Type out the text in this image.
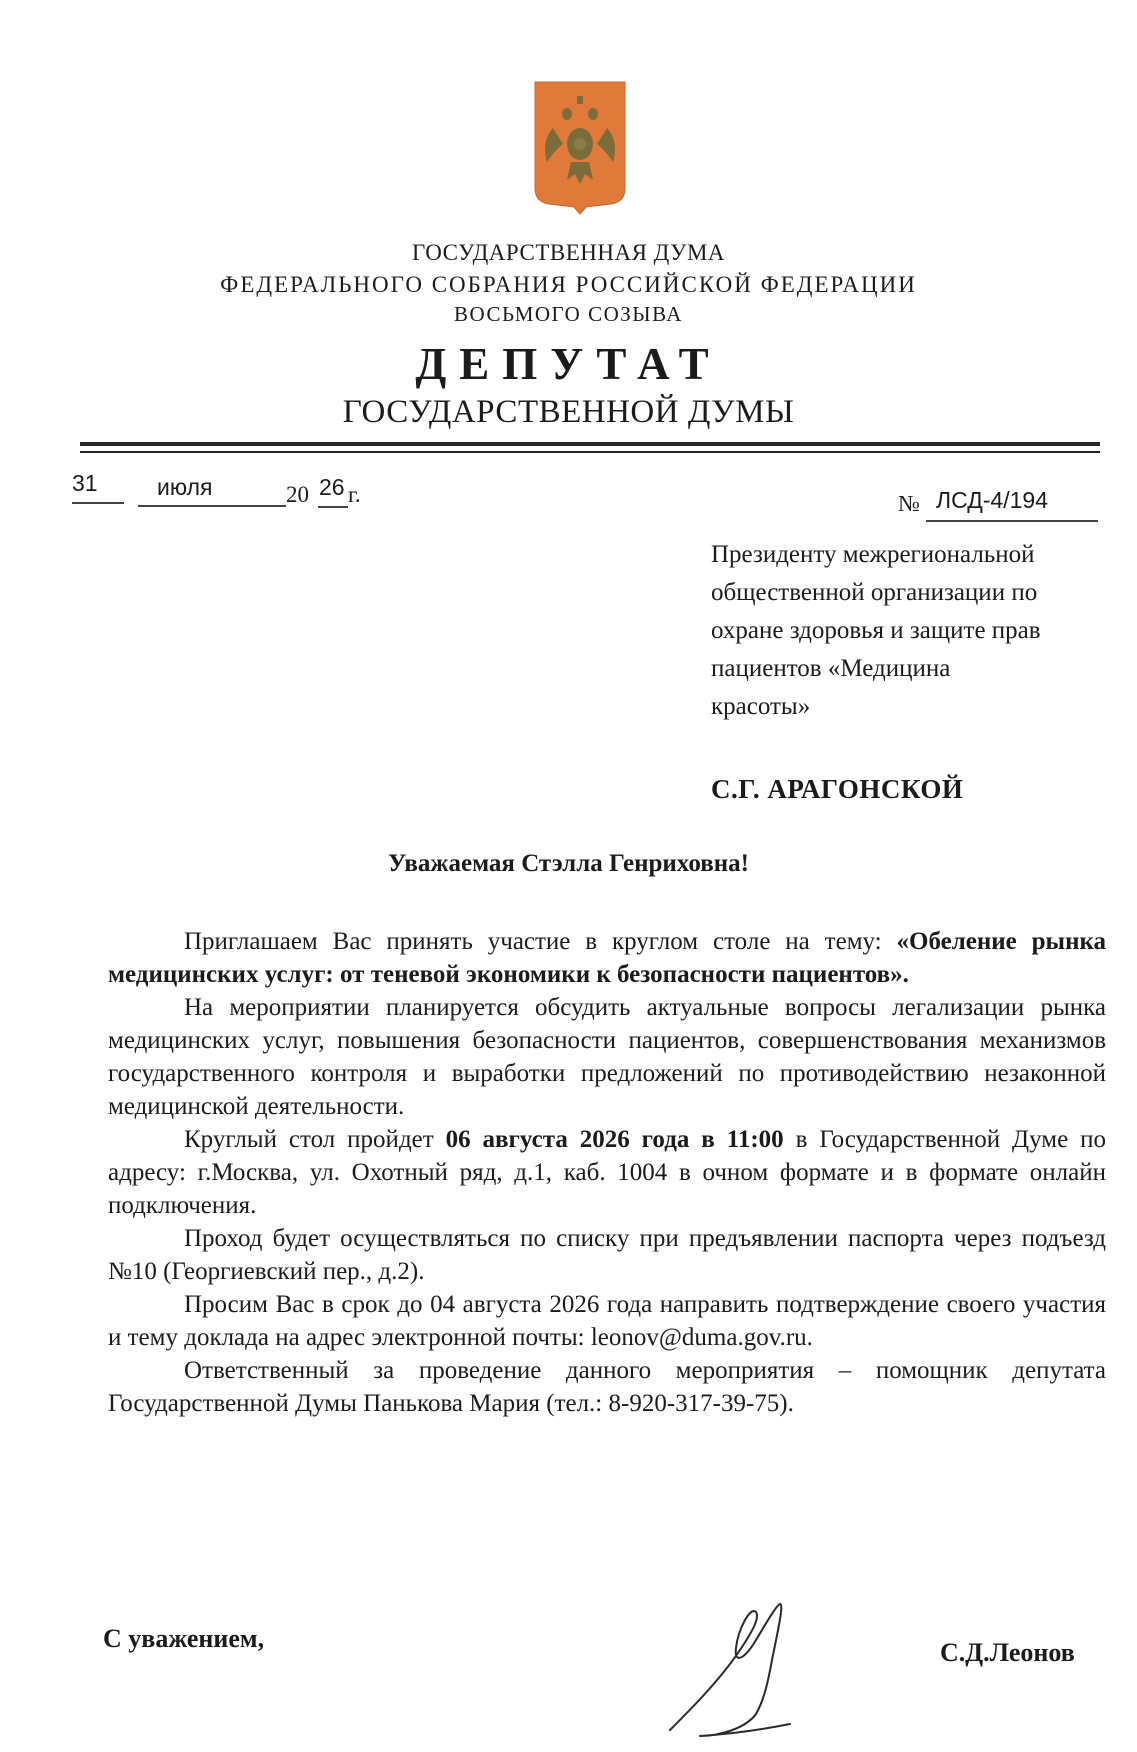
ГОСУДАРСТВЕННАЯ ДУМА
ФЕДЕРАЛЬНОГО СОБРАНИЯ РОССИЙСКОЙ ФЕДЕРАЦИИ
ВОСЬМОГО СОЗЫВА
ДЕПУТАТ
ГОСУДАРСТВЕННОЙ ДУМЫ
31	июля	20 26 г.	№ ЛСД-4/194
Президенту межрегиональной
общественной организации по
охране здоровья и защите прав
пациентов «Медицина
красоты»
С.Г. АРАГОНСКОЙ
Уважаемая Стэлла Генриховна!

Приглашаем Вас принять участие в круглом столе на тему: «Обеление рынка медицинских услуг: от теневой экономики к безопасности пациентов».

На мероприятии планируется обсудить актуальные вопросы легализации рынка медицинских услуг, повышения безопасности пациентов, совершенствования механизмов государственного контроля и выработки предложений по противодействию незаконной медицинской деятельности.

Круглый стол пройдет 06 августа 2026 года в 11:00 в Государственной Думе по адресу: г.Москва, ул. Охотный ряд, д.1, каб. 1004 в очном формате и в формате онлайн подключения.

Проход будет осуществляться по списку при предъявлении паспорта через подъезд №10 (Георгиевский пер., д.2).

Просим Вас в срок до 04 августа 2026 года направить подтверждение своего участия и тему доклада на адрес электронной почты: leonov@duma.gov.ru.

Ответственный за проведение данного мероприятия – помощник депутата Государственной Думы Панькова Мария (тел.: 8-920-317-39-75).

С уважением,	С.Д.Леонов
